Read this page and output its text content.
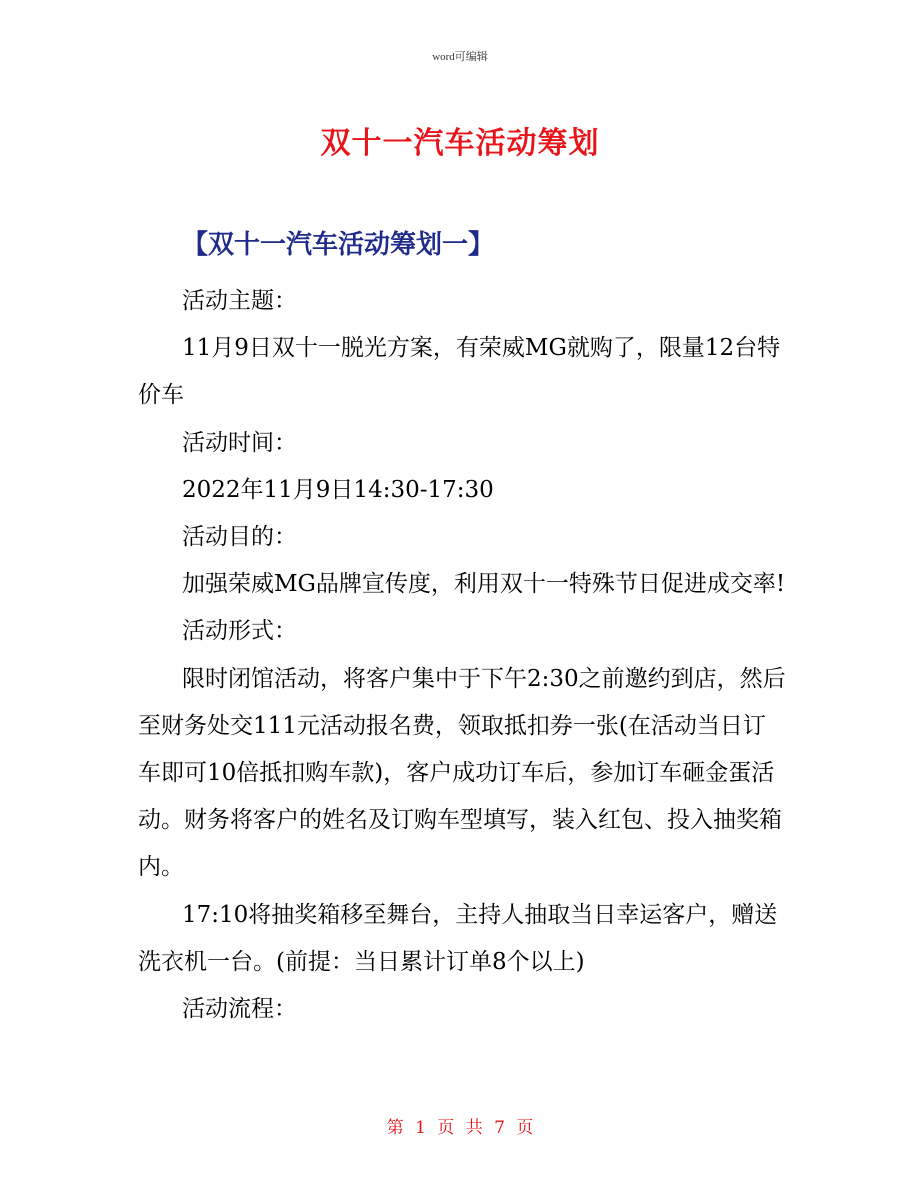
word可编辑
双十一汽车活动筹划
【双十一汽车活动筹划一】

活动主题：

11月9日双十一脱光方案，有荣威MG就购了，限量12台特价车

活动时间：

2022年11月9日14:30-17:30

活动目的：

加强荣威MG品牌宣传度，利用双十一特殊节日促进成交率!

活动形式：

限时闭馆活动，将客户集中于下午2:30之前邀约到店，然后至财务处交111元活动报名费，领取抵扣券一张(在活动当日订车即可10倍抵扣购车款)，客户成功订车后，参加订车砸金蛋活动。财务将客户的姓名及订购车型填写，装入红包、投入抽奖箱内。

17:10将抽奖箱移至舞台，主持人抽取当日幸运客户，赠送洗衣机一台。(前提：当日累计订单8个以上)

活动流程：

第 1 页 共 7 页
